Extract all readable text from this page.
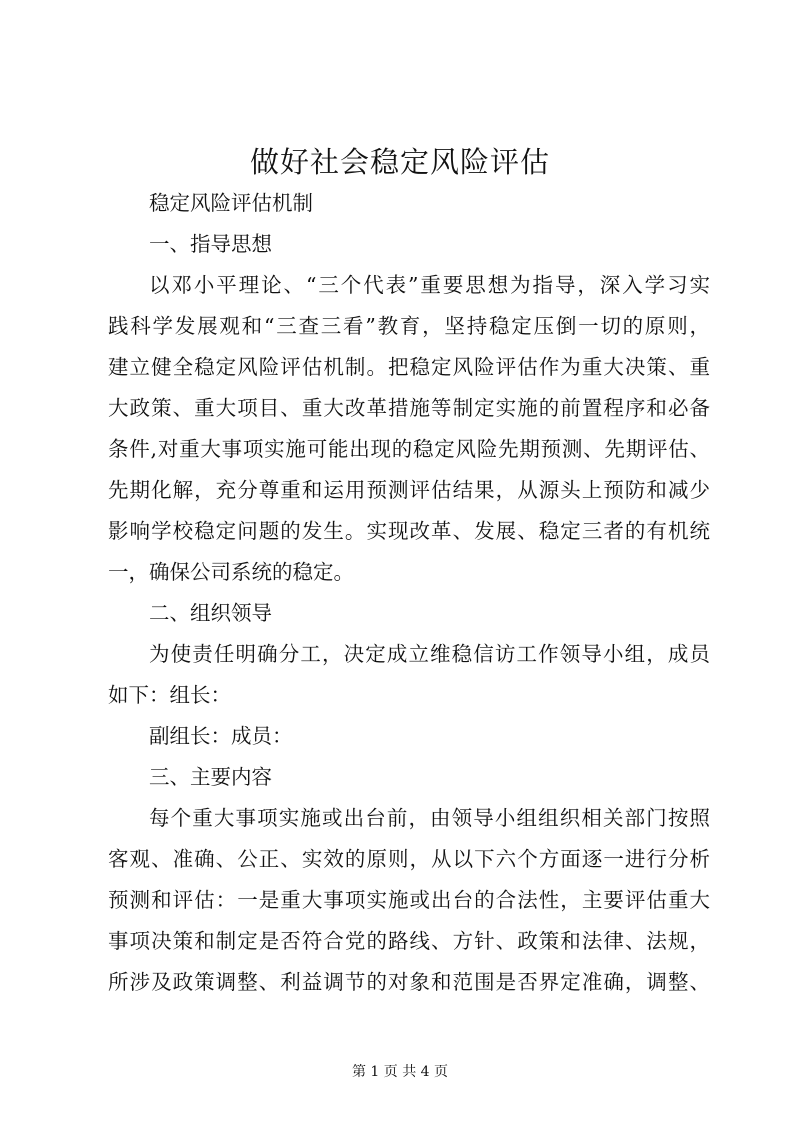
做好社会稳定风险评估
稳定风险评估机制
一、指导思想
以邓小平理论、“三个代表”重要思想为指导，深入学习实
践科学发展观和“三查三看”教育，坚持稳定压倒一切的原则，
建立健全稳定风险评估机制。把稳定风险评估作为重大决策、重
大政策、重大项目、重大改革措施等制定实施的前置程序和必备
条件,对重大事项实施可能出现的稳定风险先期预测、先期评估、
先期化解，充分尊重和运用预测评估结果，从源头上预防和减少
影响学校稳定问题的发生。实现改革、发展、稳定三者的有机统
一，确保公司系统的稳定。
二、组织领导
为使责任明确分工，决定成立维稳信访工作领导小组，成员
如下：组长：
副组长：成员：
三、主要内容
每个重大事项实施或出台前，由领导小组组织相关部门按照
客观、准确、公正、实效的原则，从以下六个方面逐一进行分析
预测和评估：一是重大事项实施或出台的合法性，主要评估重大
事项决策和制定是否符合党的路线、方针、政策和法律、法规，
所涉及政策调整、利益调节的对象和范围是否界定准确，调整、
第 1 页 共 4 页
